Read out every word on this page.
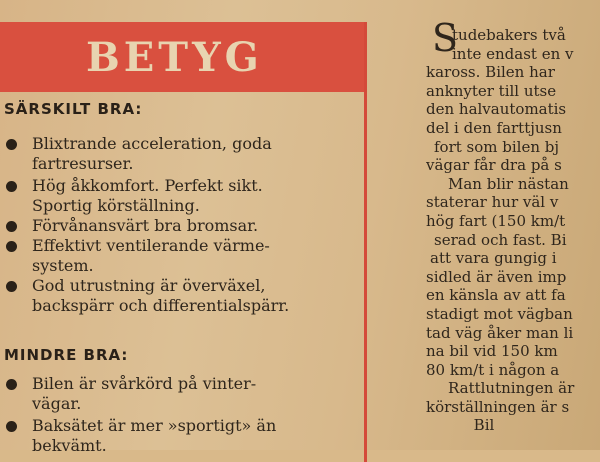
BETYG
SÄRSKILT BRA:
Blixtrande acceleration, goda
fartresurser.
Hög åkkomfort. Perfekt sikt.
Sportig körställning.
Förvånansvärt bra bromsar.
Effektivt ventilerande värme-
system.
God utrustning är överväxel,
backspärr och differentialspärr.
MINDRE BRA:
Bilen är svårkörd på vinter-
vägar.
Baksätet är mer »sportigt» än
bekvämt.
S
tudebakers två
inte endast en v
kaross. Bilen har
anknyter till utse
den halvautomatis
del i den farttjusn
fort som bilen bj
vägar får dra på s
Man blir nästan
staterar hur väl v
hög fart (150 km/t
serad och fast. Bi
att vara gungig i
sidled är även imp
en känsla av att fa
stadigt mot vägban
tad väg åker man li
na bil vid 150 km
80 km/t i någon a
Rattlutningen är
körställningen är s
Bil
